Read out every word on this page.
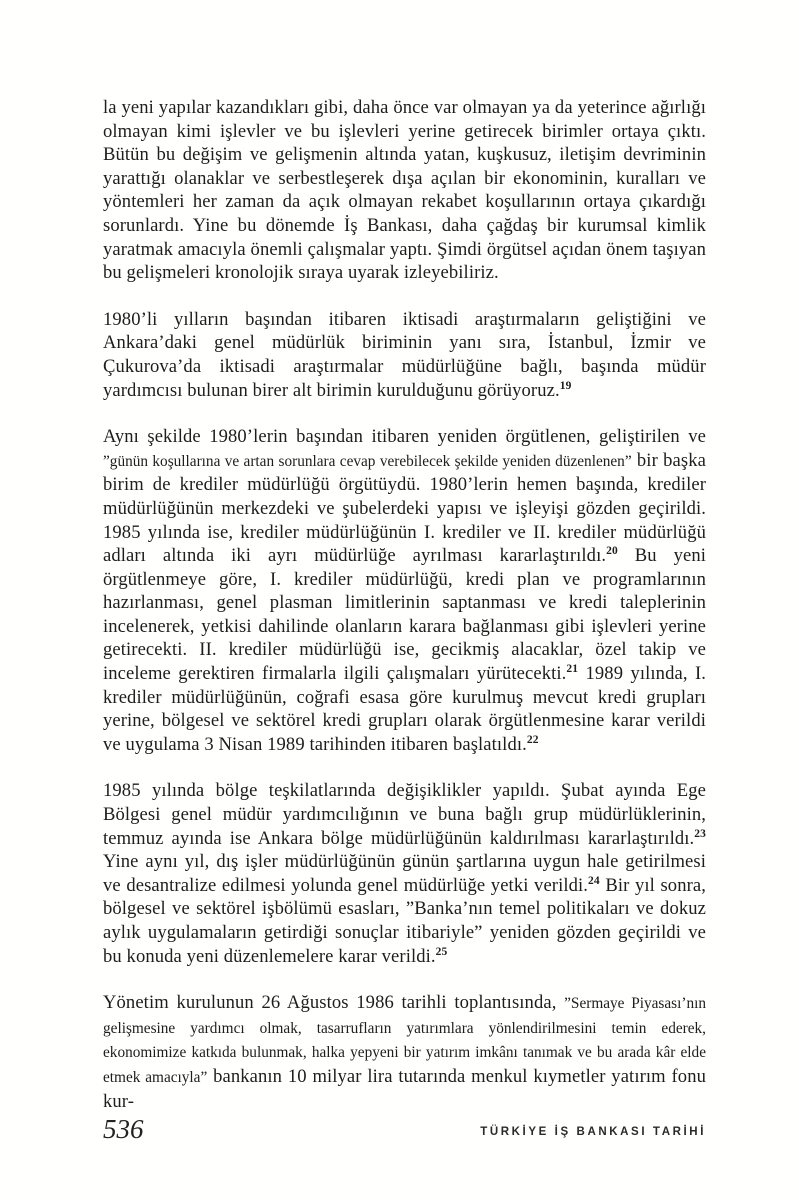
la yeni yapılar kazandıkları gibi, daha önce var olmayan ya da yeterince ağırlığı olmayan kimi işlevler ve bu işlevleri yerine getirecek birimler ortaya çıktı. Bütün bu değişim ve gelişmenin altında yatan, kuşkusuz, iletişim devriminin yarattığı olanaklar ve serbestleşerek dışa açılan bir ekonominin, kuralları ve yöntemleri her zaman da açık olmayan rekabet koşullarının ortaya çıkardığı sorunlardı. Yine bu dönemde İş Bankası, daha çağdaş bir kurumsal kimlik yaratmak amacıyla önemli çalışmalar yaptı. Şimdi örgütsel açıdan önem taşıyan bu gelişmeleri kronolojik sıraya uyarak izleyebiliriz.

1980’li yılların başından itibaren iktisadi araştırmaların geliştiğini ve Ankara’daki genel müdürlük biriminin yanı sıra, İstanbul, İzmir ve Çukurova’da iktisadi araştırmalar müdürlüğüne bağlı, başında müdür yardımcısı bulunan birer alt birimin kurulduğunu görüyoruz.$^{19}$

Aynı şekilde 1980’lerin başından itibaren yeniden örgütlenen, geliştirilen ve ”günün koşullarına ve artan sorunlara cevap verebilecek şekilde yeniden düzenlenen” bir başka birim de krediler müdürlüğü örgütüydü. 1980’lerin hemen başında, krediler müdürlüğünün merkezdeki ve şubelerdeki yapısı ve işleyişi gözden geçirildi. 1985 yılında ise, krediler müdürlüğünün I. krediler ve II. krediler müdürlüğü adları altında iki ayrı müdürlüğe ayrılması kararlaştırıldı.$^{20}$ Bu yeni örgütlenmeye göre, I. krediler müdürlüğü, kredi plan ve programlarının hazırlanması, genel plasman limitlerinin saptanması ve kredi taleplerinin incelenerek, yetkisi dahilinde olanların karara bağlanması gibi işlevleri yerine getirecekti. II. krediler müdürlüğü ise, gecikmiş alacaklar, özel takip ve inceleme gerektiren firmalarla ilgili çalışmaları yürütecekti.$^{21}$ 1989 yılında, I. krediler müdürlüğünün, coğrafi esasa göre kurulmuş mevcut kredi grupları yerine, bölgesel ve sektörel kredi grupları olarak örgütlenmesine karar verildi ve uygulama 3 Nisan 1989 tarihinden itibaren başlatıldı.$^{22}$

1985 yılında bölge teşkilatlarında değişiklikler yapıldı. Şubat ayında Ege Bölgesi genel müdür yardımcılığının ve buna bağlı grup müdürlüklerinin, temmuz ayında ise Ankara bölge müdürlüğünün kaldırılması kararlaştırıldı.$^{23}$ Yine aynı yıl, dış işler müdürlüğünün günün şartlarına uygun hale getirilmesi ve desantralize edilmesi yolunda genel müdürlüğe yetki verildi.$^{24}$ Bir yıl sonra, bölgesel ve sektörel işbölümü esasları, ”Banka’nın temel politikaları ve dokuz aylık uygulamaların getirdiği sonuçlar itibariyle” yeniden gözden geçirildi ve bu konuda yeni düzenlemelere karar verildi.$^{25}$

Yönetim kurulunun 26 Ağustos 1986 tarihli toplantısında, ”Sermaye Piyasası’nın gelişmesine yardımcı olmak, tasarrufların yatırımlara yönlendirilmesini temin ederek, ekonomimize katkıda bulunmak, halka yepyeni bir yatırım imkânı tanımak ve bu arada kâr elde etmek amacıyla” bankanın 10 milyar lira tutarında menkul kıymetler yatırım fonu kur-

536	TÜRKİYE İŞ BANKASI TARİHİ
